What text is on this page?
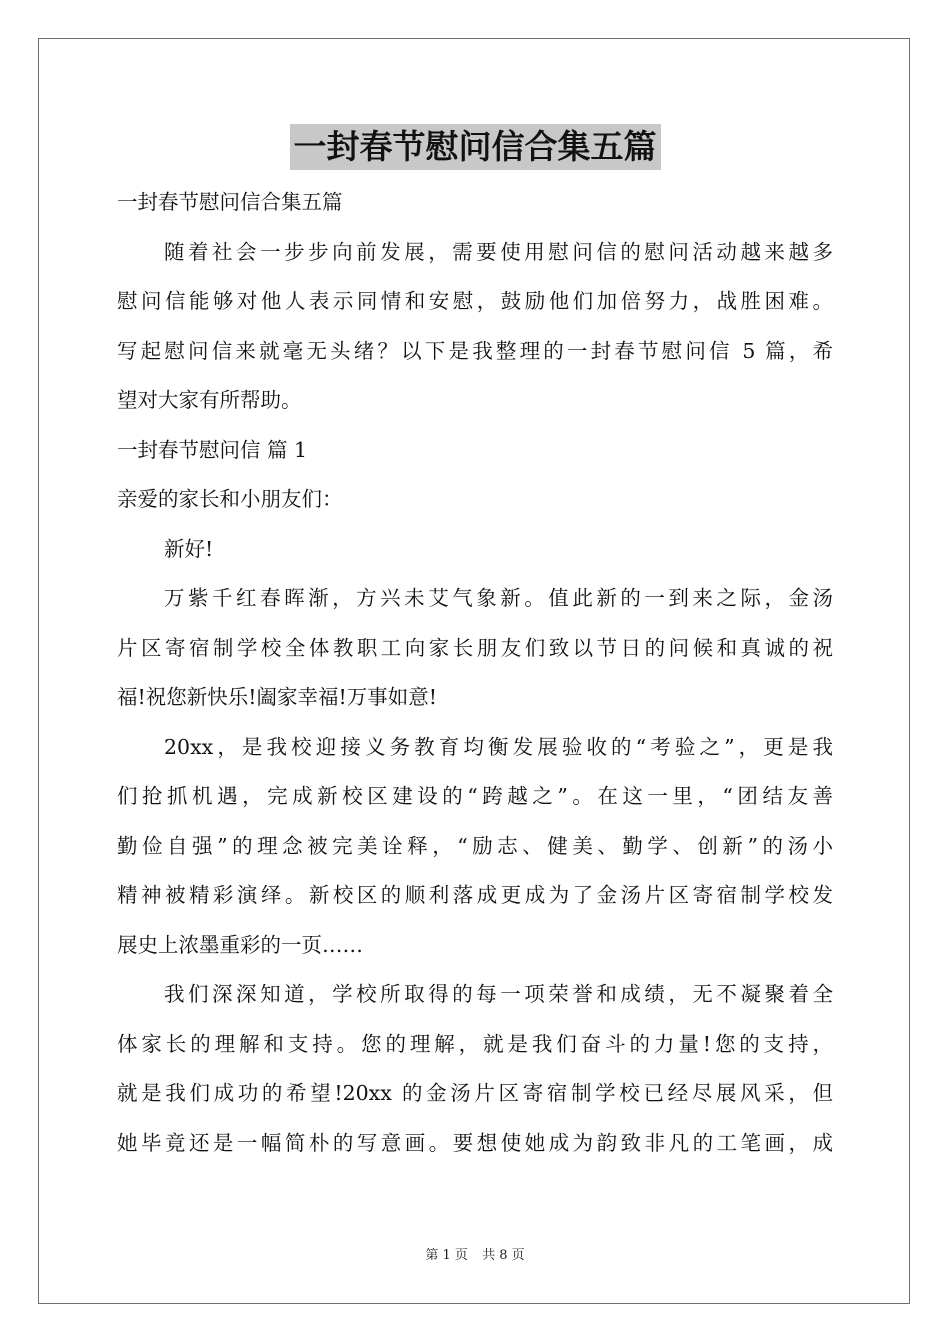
一封春节慰问信合集五篇
一封春节慰问信合集五篇
随着社会一步步向前发展，需要使用慰问信的慰问活动越来越多
慰问信能够对他人表示同情和安慰，鼓励他们加倍努力，战胜困难。
写起慰问信来就毫无头绪？以下是我整理的一封春节慰问信 5 篇，希
望对大家有所帮助。
一封春节慰问信 篇 1
亲爱的家长和小朋友们：
新好!
万紫千红春晖渐，方兴未艾气象新。值此新的一到来之际，金汤
片区寄宿制学校全体教职工向家长朋友们致以节日的问候和真诚的祝
福!祝您新快乐!阖家幸福!万事如意!
20xx，是我校迎接义务教育均衡发展验收的“考验之”，更是我
们抢抓机遇，完成新校区建设的“跨越之”。在这一里，“团结友善
勤俭自强”的理念被完美诠释，“励志、健美、勤学、创新”的汤小
精神被精彩演绎。新校区的顺利落成更成为了金汤片区寄宿制学校发
展史上浓墨重彩的一页……
我们深深知道，学校所取得的每一项荣誉和成绩，无不凝聚着全
体家长的理解和支持。您的理解，就是我们奋斗的力量!您的支持，
就是我们成功的希望!20xx 的金汤片区寄宿制学校已经尽展风采，但
她毕竟还是一幅简朴的写意画。要想使她成为韵致非凡的工笔画，成
第 1 页 共 8 页
